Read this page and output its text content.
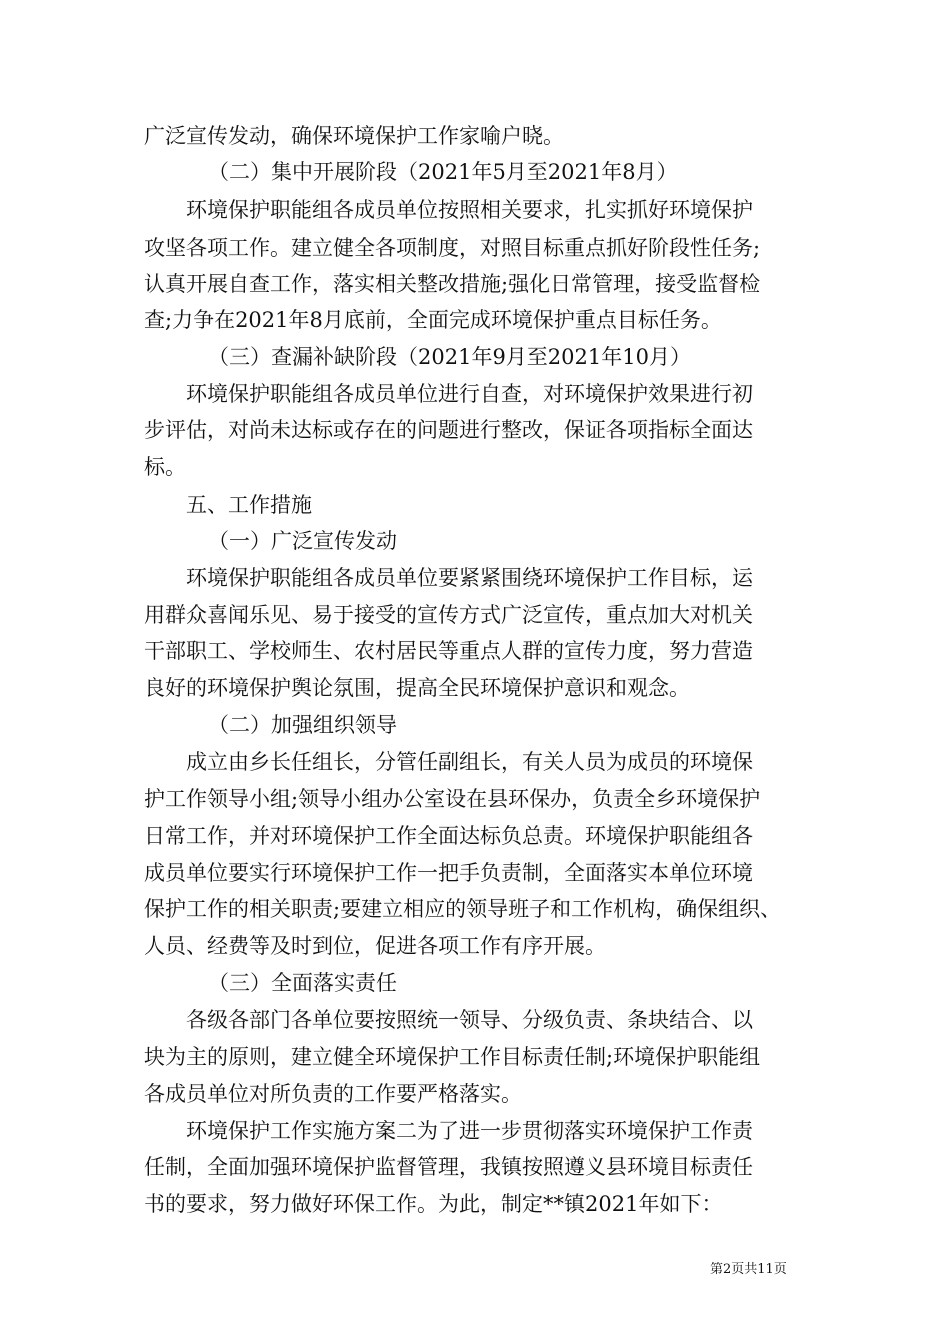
广泛宣传发动，确保环境保护工作家喻户晓。
（二）集中开展阶段（2021年5月至2021年8月）
环境保护职能组各成员单位按照相关要求，扎实抓好环境保护
攻坚各项工作。建立健全各项制度，对照目标重点抓好阶段性任务;
认真开展自查工作，落实相关整改措施;强化日常管理，接受监督检
查;力争在2021年8月底前，全面完成环境保护重点目标任务。
（三）查漏补缺阶段（2021年9月至2021年10月）
环境保护职能组各成员单位进行自查，对环境保护效果进行初
步评估，对尚未达标或存在的问题进行整改，保证各项指标全面达
标。
五、工作措施
（一）广泛宣传发动
环境保护职能组各成员单位要紧紧围绕环境保护工作目标，运
用群众喜闻乐见、易于接受的宣传方式广泛宣传，重点加大对机关
干部职工、学校师生、农村居民等重点人群的宣传力度，努力营造
良好的环境保护舆论氛围，提高全民环境保护意识和观念。
（二）加强组织领导
成立由乡长任组长，分管任副组长，有关人员为成员的环境保
护工作领导小组;领导小组办公室设在县环保办，负责全乡环境保护
日常工作，并对环境保护工作全面达标负总责。环境保护职能组各
成员单位要实行环境保护工作一把手负责制，全面落实本单位环境
保护工作的相关职责;要建立相应的领导班子和工作机构，确保组织、
人员、经费等及时到位，促进各项工作有序开展。
（三）全面落实责任
各级各部门各单位要按照统一领导、分级负责、条块结合、以
块为主的原则，建立健全环境保护工作目标责任制;环境保护职能组
各成员单位对所负责的工作要严格落实。
环境保护工作实施方案二为了进一步贯彻落实环境保护工作责
任制，全面加强环境保护监督管理，我镇按照遵义县环境目标责任
书的要求，努力做好环保工作。为此，制定**镇2021年如下：
第2页共11页
